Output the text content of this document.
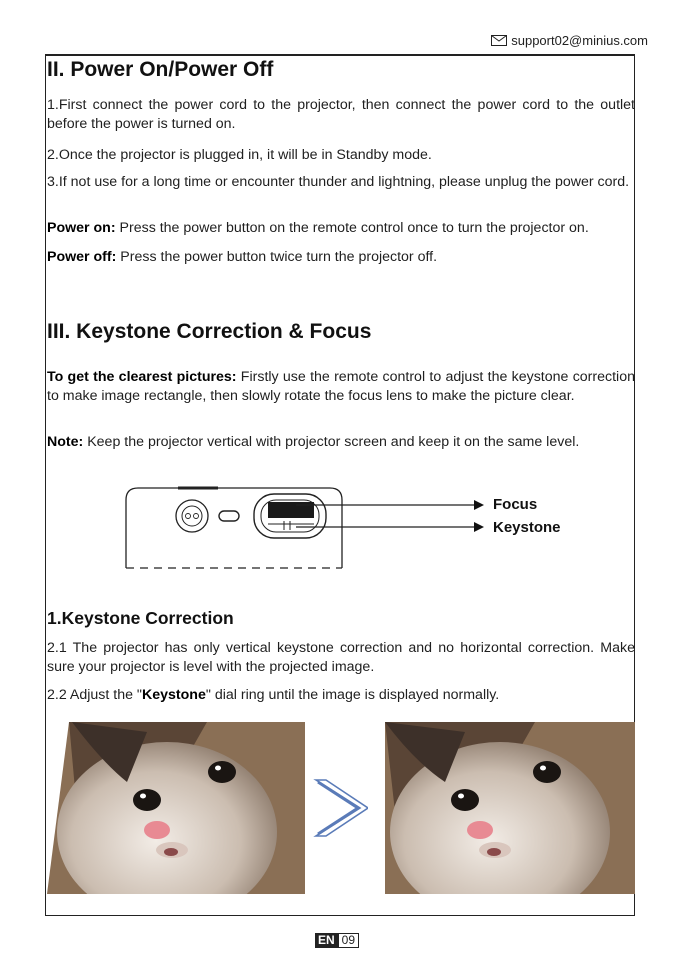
support02@minius.com
II. Power On/Power Off

1.First connect the power cord to the projector, then connect the power cord to the outlet before the power is turned on.

2.Once the projector is plugged in, it will be in Standby mode.

3.If not use for a long time or encounter thunder and lightning, please unplug the power cord.

Power on: Press the power button on the remote control once to turn the projector on.

Power off: Press the power button twice turn the projector off.

III. Keystone Correction & Focus

To get the clearest pictures: Firstly use the remote control to adjust the keystone correction to make image rectangle, then slowly rotate the focus lens to make the picture clear.

Note: Keep the projector vertical with projector screen and keep it on the same level.

Focus
Keystone
1.Keystone Correction

2.1 The projector has only vertical keystone correction and no horizontal correction. Make sure your projector is level with the projected image.

2.2 Adjust the "Keystone" dial ring until the image is displayed normally.

EN 09
